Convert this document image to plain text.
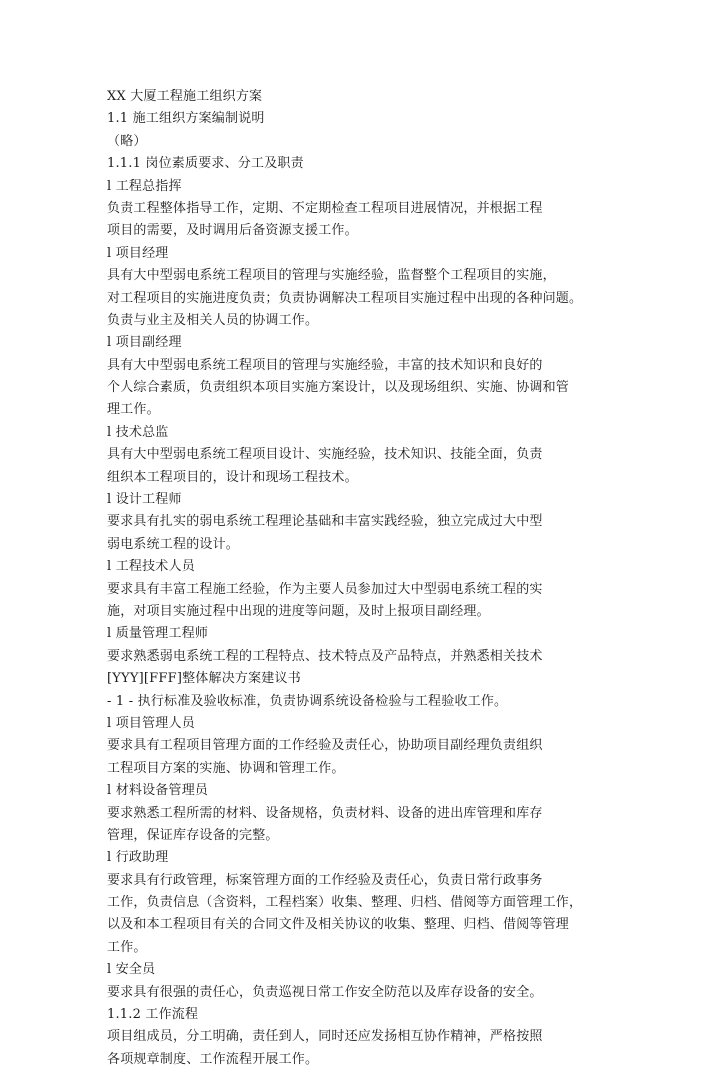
XX 大厦工程施工组织方案
1.1 施工组织方案编制说明
（略）
1.1.1 岗位素质要求、分工及职责
l 工程总指挥
负责工程整体指导工作，定期、不定期检查工程项目进展情况，并根据工程
项目的需要，及时调用后备资源支援工作。
l 项目经理
具有大中型弱电系统工程项目的管理与实施经验，监督整个工程项目的实施，
对工程项目的实施进度负责；负责协调解决工程项目实施过程中出现的各种问题。
负责与业主及相关人员的协调工作。
l 项目副经理
具有大中型弱电系统工程项目的管理与实施经验，丰富的技术知识和良好的
个人综合素质，负责组织本项目实施方案设计，以及现场组织、实施、协调和管
理工作。
l 技术总监
具有大中型弱电系统工程项目设计、实施经验，技术知识、技能全面，负责
组织本工程项目的，设计和现场工程技术。
l 设计工程师
要求具有扎实的弱电系统工程理论基础和丰富实践经验，独立完成过大中型
弱电系统工程的设计。
l 工程技术人员
要求具有丰富工程施工经验，作为主要人员参加过大中型弱电系统工程的实
施，对项目实施过程中出现的进度等问题，及时上报项目副经理。
l 质量管理工程师
要求熟悉弱电系统工程的工程特点、技术特点及产品特点，并熟悉相关技术
[YYY][FFF]整体解决方案建议书
- 1 - 执行标准及验收标准，负责协调系统设备检验与工程验收工作。
l 项目管理人员
要求具有工程项目管理方面的工作经验及责任心，协助项目副经理负责组织
工程项目方案的实施、协调和管理工作。
l 材料设备管理员
要求熟悉工程所需的材料、设备规格，负责材料、设备的进出库管理和库存
管理，保证库存设备的完整。
l 行政助理
要求具有行政管理，标案管理方面的工作经验及责任心，负责日常行政事务
工作，负责信息（含资料，工程档案）收集、整理、归档、借阅等方面管理工作，
以及和本工程项目有关的合同文件及相关协议的收集、整理、归档、借阅等管理
工作。
l 安全员
要求具有很强的责任心，负责巡视日常工作安全防范以及库存设备的安全。
1.1.2 工作流程
项目组成员，分工明确，责任到人，同时还应发扬相互协作精神，严格按照
各项规章制度、工作流程开展工作。
